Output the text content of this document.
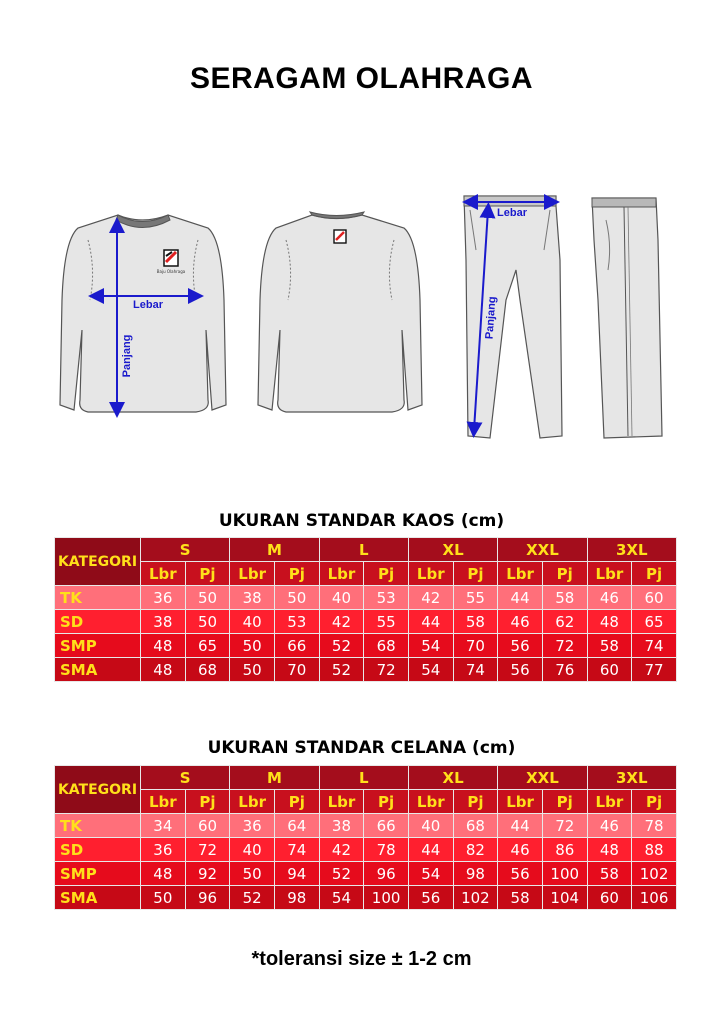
SERAGAM OLAHRAGA
Baju Olahraga
Lebar
Panjang
Lebar
Panjang
UKURAN STANDAR KAOS (cm)
KATEGORI	S		M		L		XL		XXL		3XL	
	Lbr	Pj	Lbr	Pj	Lbr	Pj	Lbr	Pj	Lbr	Pj	Lbr	Pj
TK	36	50	38	50	40	53	42	55	44	58	46	60
SD	38	50	40	53	42	55	44	58	46	62	48	65
SMP	48	65	50	66	52	68	54	70	56	72	58	74
SMA	48	68	50	70	52	72	54	74	56	76	60	77
UKURAN STANDAR CELANA (cm)
KATEGORI	S		M		L		XL		XXL		3XL	
	Lbr	Pj	Lbr	Pj	Lbr	Pj	Lbr	Pj	Lbr	Pj	Lbr	Pj
TK	34	60	36	64	38	66	40	68	44	72	46	78
SD	36	72	40	74	42	78	44	82	46	86	48	88
SMP	48	92	50	94	52	96	54	98	56	100	58	102
SMA	50	96	52	98	54	100	56	102	58	104	60	106
*toleransi size ± 1-2 cm
